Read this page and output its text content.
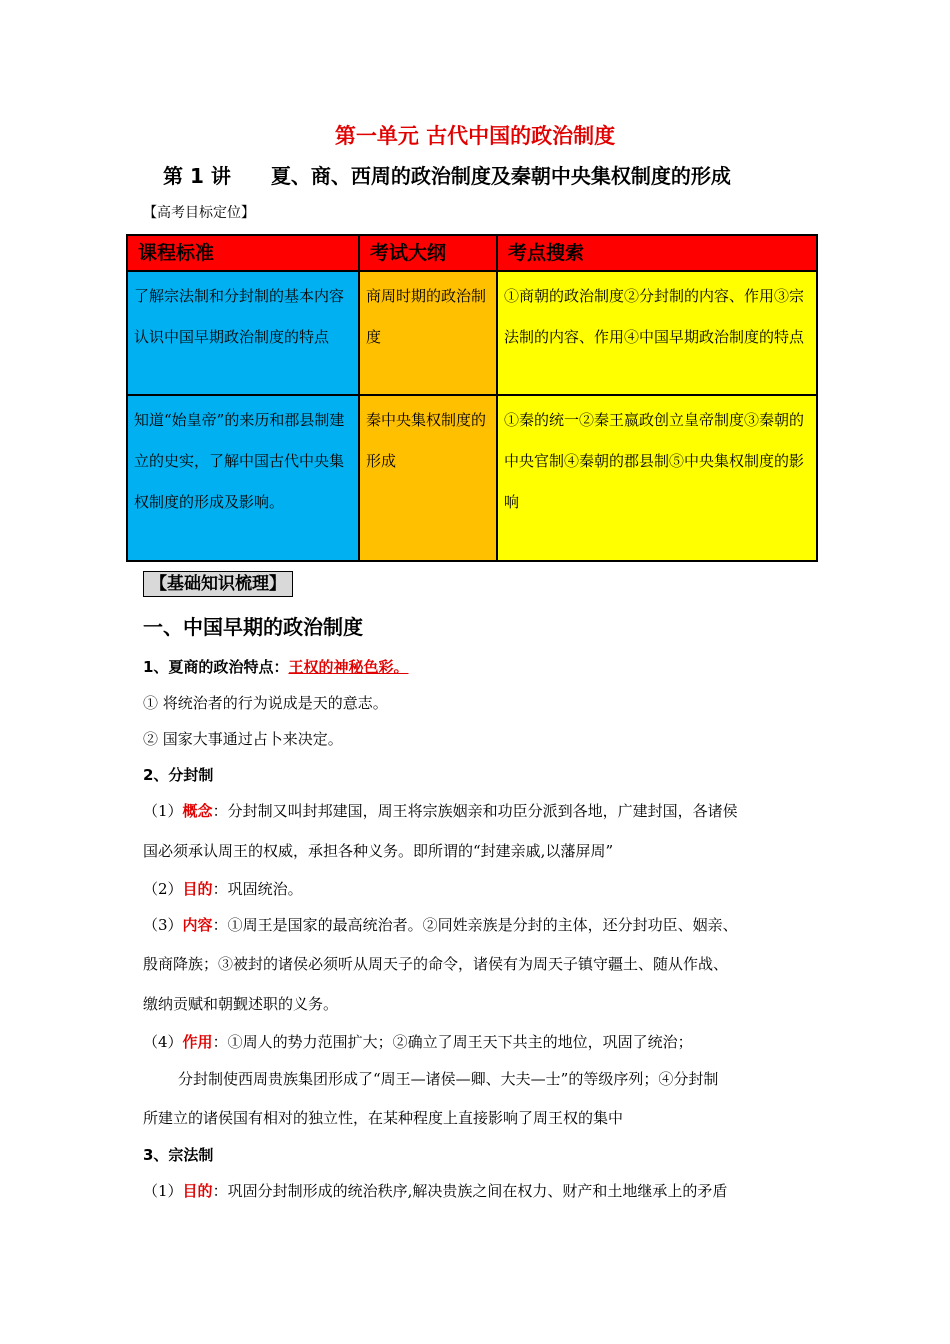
第一单元 古代中国的政治制度
第 1 讲 夏、商、西周的政治制度及秦朝中央集权制度的形成
【高考目标定位】
课程标准	考试大纲	考点搜索
了解宗法制和分封制的基本内容认识中国早期政治制度的特点	商周时期的政治制度	①商朝的政治制度②分封制的内容、作用③宗法制的内容、作用④中国早期政治制度的特点
知道“始皇帝”的来历和郡县制建立的史实，了解中国古代中央集权制度的形成及影响。	秦中央集权制度的形成	①秦的统一②秦王嬴政创立皇帝制度③秦朝的中央官制④秦朝的郡县制⑤中央集权制度的影响
【基础知识梳理】
一、中国早期的政治制度
1、夏商的政治特点：王权的神秘色彩。
① 将统治者的行为说成是天的意志。
② 国家大事通过占卜来决定。
2、分封制
（1）概念：分封制又叫封邦建国，周王将宗族姻亲和功臣分派到各地，广建封国，各诸侯
国必须承认周王的权威，承担各种义务。即所谓的“封建亲戚,以藩屏周”
（2）目的：巩固统治。
（3）内容：①周王是国家的最高统治者。②同姓亲族是分封的主体，还分封功臣、姻亲、
殷商降族；③被封的诸侯必须听从周天子的命令，诸侯有为周天子镇守疆土、随从作战、
缴纳贡赋和朝觐述职的义务。
（4）作用：①周人的势力范围扩大；②确立了周王天下共主的地位，巩固了统治；
分封制使西周贵族集团形成了“周王—诸侯—卿、大夫—士”的等级序列；④分封制
所建立的诸侯国有相对的独立性，在某种程度上直接影响了周王权的集中
3、宗法制
（1）目的：巩固分封制形成的统治秩序,解决贵族之间在权力、财产和土地继承上的矛盾
